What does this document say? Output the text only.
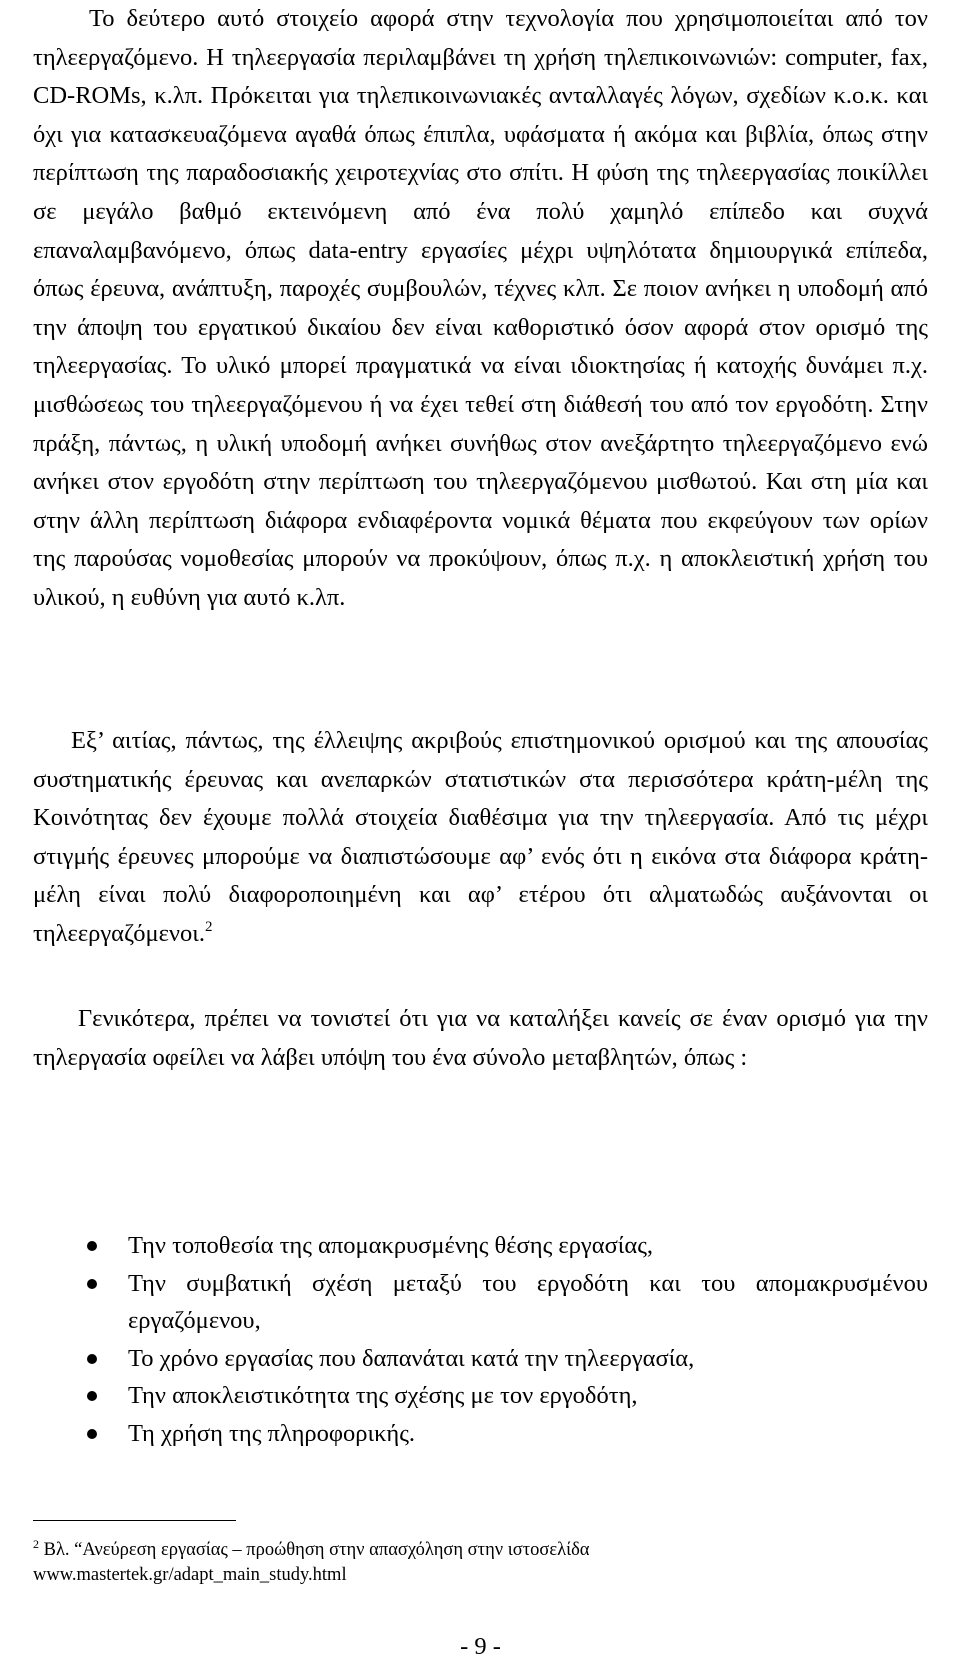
Το δεύτερο αυτό στοιχείο αφορά στην τεχνολογία που χρησιμοποιείται από τον τηλεεργαζόμενο. Η τηλεεργασία περιλαμβάνει τη χρήση τηλεπικοινωνιών: computer, fax, CD-ROMs, κ.λπ. Πρόκειται για τηλεπικοινωνιακές ανταλλαγές λόγων, σχεδίων κ.ο.κ. και όχι για κατασκευαζόμενα αγαθά όπως έπιπλα, υφάσματα ή ακόμα και βιβλία, όπως στην περίπτωση της παραδοσιακής χειροτεχνίας στο σπίτι. Η φύση της τηλεεργασίας ποικίλλει σε μεγάλο βαθμό εκτεινόμενη από ένα πολύ χαμηλό επίπεδο και συχνά επαναλαμβανόμενο, όπως data-entry εργασίες μέχρι υψηλότατα δημιουργικά επίπεδα, όπως έρευνα, ανάπτυξη, παροχές συμβουλών, τέχνες κλπ. Σε ποιον ανήκει η υποδομή από την άποψη του εργατικού δικαίου δεν είναι καθοριστικό όσον αφορά στον ορισμό της τηλεεργασίας. Το υλικό μπορεί πραγματικά να είναι ιδιοκτησίας ή κατοχής δυνάμει π.χ. μισθώσεως του τηλεεργαζόμενου ή να έχει τεθεί στη διάθεσή του από τον εργοδότη. Στην πράξη, πάντως, η υλική υποδομή ανήκει συνήθως στον ανεξάρτητο τηλεεργαζόμενο ενώ ανήκει στον εργοδότη στην περίπτωση του τηλεεργαζόμενου μισθωτού. Και στη μία και στην άλλη περίπτωση διάφορα ενδιαφέροντα νομικά θέματα που εκφεύγουν των ορίων της παρούσας νομοθεσίας μπορούν να προκύψουν, όπως π.χ. η αποκλειστική χρήση του υλικού, η ευθύνη για αυτό κ.λπ.

Εξ’ αιτίας, πάντως, της έλλειψης ακριβούς επιστημονικού ορισμού και της απουσίας συστηματικής έρευνας και ανεπαρκών στατιστικών στα περισσότερα κράτη-μέλη της Κοινότητας δεν έχουμε πολλά στοιχεία διαθέσιμα για την τηλεεργασία. Από τις μέχρι στιγμής έρευνες μπορούμε να διαπιστώσουμε αφ’ ενός ότι η εικόνα στα διάφορα κράτη-μέλη είναι πολύ διαφοροποιημένη και αφ’ ετέρου ότι αλματωδώς αυξάνονται οι τηλεεργαζόμενοι.$^2$

Γενικότερα, πρέπει να τονιστεί ότι για να καταλήξει κανείς σε έναν ορισμό για την τηλεργασία οφείλει να λάβει υπόψη του ένα σύνολο μεταβλητών, όπως :

Την τοποθεσία της απομακρυσμένης θέσης εργασίας,
Την συμβατική σχέση μεταξύ του εργοδότη και του απομακρυσμένου εργαζόμενου,
Το χρόνο εργασίας που δαπανάται κατά την τηλεεργασία,
Την αποκλειστικότητα της σχέσης με τον εργοδότη,
Τη χρήση της πληροφορικής.
$^2$ Βλ. “Ανεύρεση εργασίας – προώθηση στην απασχόληση στην ιστοσελίδα
www.mastertek.gr/adapt_main_study.html
- 9 -
